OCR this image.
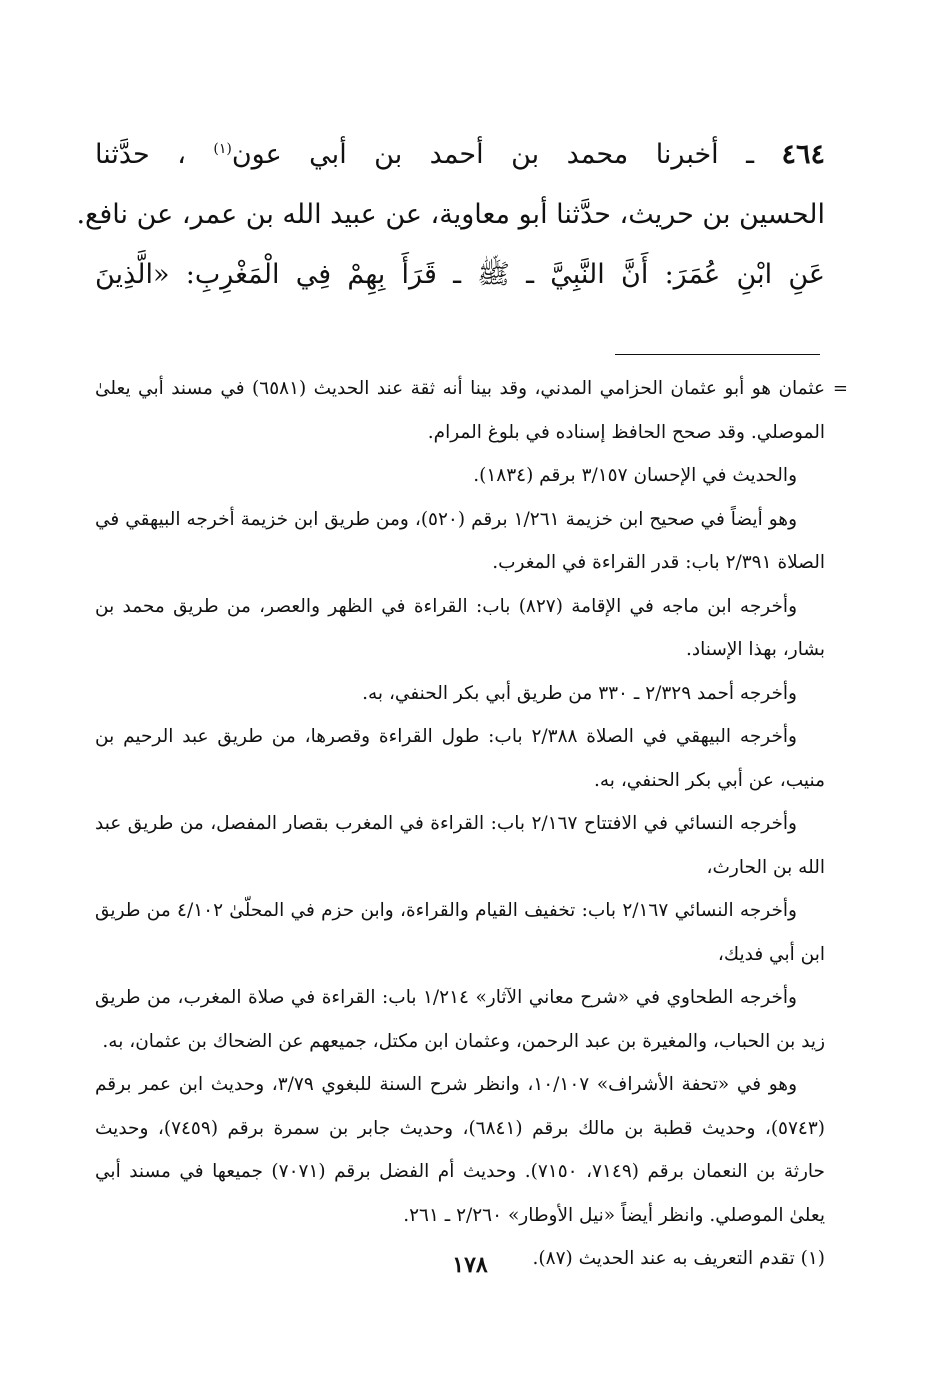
٤٦٤ ـ أخبرنا محمد بن أحمد بن أبي عون$^{(١)}$ ، حدَّثنا
الحسين بن حريث، حدَّثنا أبو معاوية، عن عبيد الله بن عمر، عن نافع.
عَنِ ابْنِ عُمَرَ: أَنَّ النَّبِيَّ ـ ﷺ ـ قَرَأَ بِهِمْ فِي الْمَغْرِبِ: «الَّذِينَ
=

عثمان هو أبو عثمان الحزامي المدني، وقد بينا أنه ثقة عند الحديث (٦٥٨١) في مسند أبي يعلىٰ الموصلي. وقد صحح الحافظ إسناده في بلوغ المرام.

والحديث في الإحسان ٣/١٥٧ برقم (١٨٣٤).

وهو أيضاً في صحيح ابن خزيمة ١/٢٦١ برقم (٥٢٠)، ومن طريق ابن خزيمة أخرجه البيهقي في الصلاة ٢/٣٩١ باب: قدر القراءة في المغرب.

وأخرجه ابن ماجه في الإقامة (٨٢٧) باب: القراءة في الظهر والعصر، من طريق محمد بن بشار، بهذا الإسناد.

وأخرجه أحمد ٢/٣٢٩ ـ ٣٣٠ من طريق أبي بكر الحنفي، به.

وأخرجه البيهقي في الصلاة ٢/٣٨٨ باب: طول القراءة وقصرها، من طريق عبد الرحيم بن منيب، عن أبي بكر الحنفي، به.

وأخرجه النسائي في الافتتاح ٢/١٦٧ باب: القراءة في المغرب بقصار المفصل، من طريق عبد الله بن الحارث،

وأخرجه النسائي ٢/١٦٧ باب: تخفيف القيام والقراءة، وابن حزم في المحلّىٰ ٤/١٠٢ من طريق ابن أبي فديك،

وأخرجه الطحاوي في «شرح معاني الآثار» ١/٢١٤ باب: القراءة في صلاة المغرب، من طريق زيد بن الحباب، والمغيرة بن عبد الرحمن، وعثمان ابن مكتل، جميعهم عن الضحاك بن عثمان، به.

وهو في «تحفة الأشراف» ١٠/١٠٧، وانظر شرح السنة للبغوي ٣/٧٩، وحديث ابن عمر برقم (٥٧٤٣)، وحديث قطبة بن مالك برقم (٦٨٤١)، وحديث جابر بن سمرة برقم (٧٤٥٩)، وحديث حارثة بن النعمان برقم (٧١٤٩، ٧١٥٠). وحديث أم الفضل برقم (٧٠٧١) جميعها في مسند أبي يعلىٰ الموصلي. وانظر أيضاً «نيل الأوطار» ٢/٢٦٠ ـ ٢٦١.

(١) تقدم التعريف به عند الحديث (٨٧).

١٧٨
